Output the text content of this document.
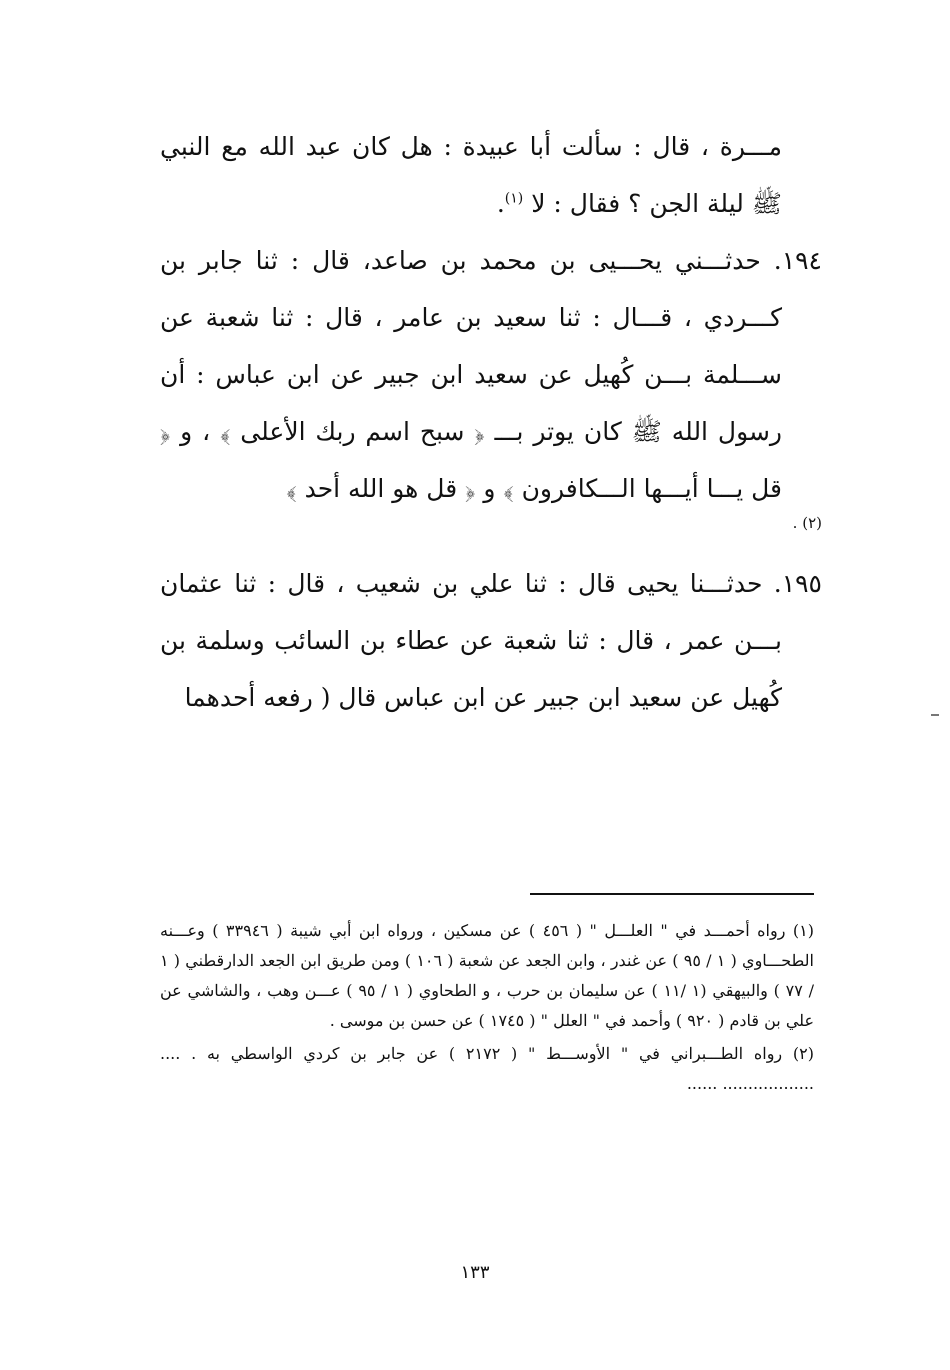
مـــرة ، قال : سألت أبا عبيدة : هل كان عبد الله مع النبي ﷺ ليلة الجن ؟ فقال : لا $^{(١)}$.

١٩٤. حدثـــني يحـــيى بن محمد بن صاعد، قال : ثنا جابر بن كـــردي ، قـــال : ثنا سعيد بن عامر ، قال : ثنا شعبة عن ســـلمة بـــن كُهيل عن سعيد ابن جبير عن ابن عباس : أن رسول الله ﷺ كان يوتر بـــ ﴿ سبح اسم ربك الأعلى ﴾ ، و ﴿ قل يـــا أيـــها الـــكافرون ﴾ و ﴿ قل هو الله أحد ﴾
(٢) .

١٩٥. حدثـــنا يحيى قال : ثنا علي بن شعيب ، قال : ثنا عثمان بـــن عمر ، قال : ثنا شعبة عن عطاء بن السائب وسلمة بن كُهيل عن سعيد ابن جبير عن ابن عباس قال ( رفعه أحدهما

(١) رواه أحمـــد في " العلـــل " ( ٤٥٦ ) عن مسكين ، ورواه ابن أبي شيبة ( ٣٣٩٤٦ ) وعـــنه الطحـــاوي ( ١ / ٩٥ ) عن غندر ، وابن الجعد عن شعبة ( ١٠٦ ) ومن طريق ابن الجعد الدارقطني ( ١ / ٧٧ ) والبيهقي (١ /١١ ) عن سليمان بن حرب ، و الطحاوي ( ١ / ٩٥ ) عـــن وهب ، والشاشي عن علي بن قادم ( ٩٢٠ ) وأحمد في " العلل " ( ١٧٤٥ ) عن حسن بن موسى .

(٢) رواه الطـــبراني في " الأوســـط " ( ٢١٧٢ ) عن جابر بن كردي الواسطي به . .... .................. ......

١٣٣
